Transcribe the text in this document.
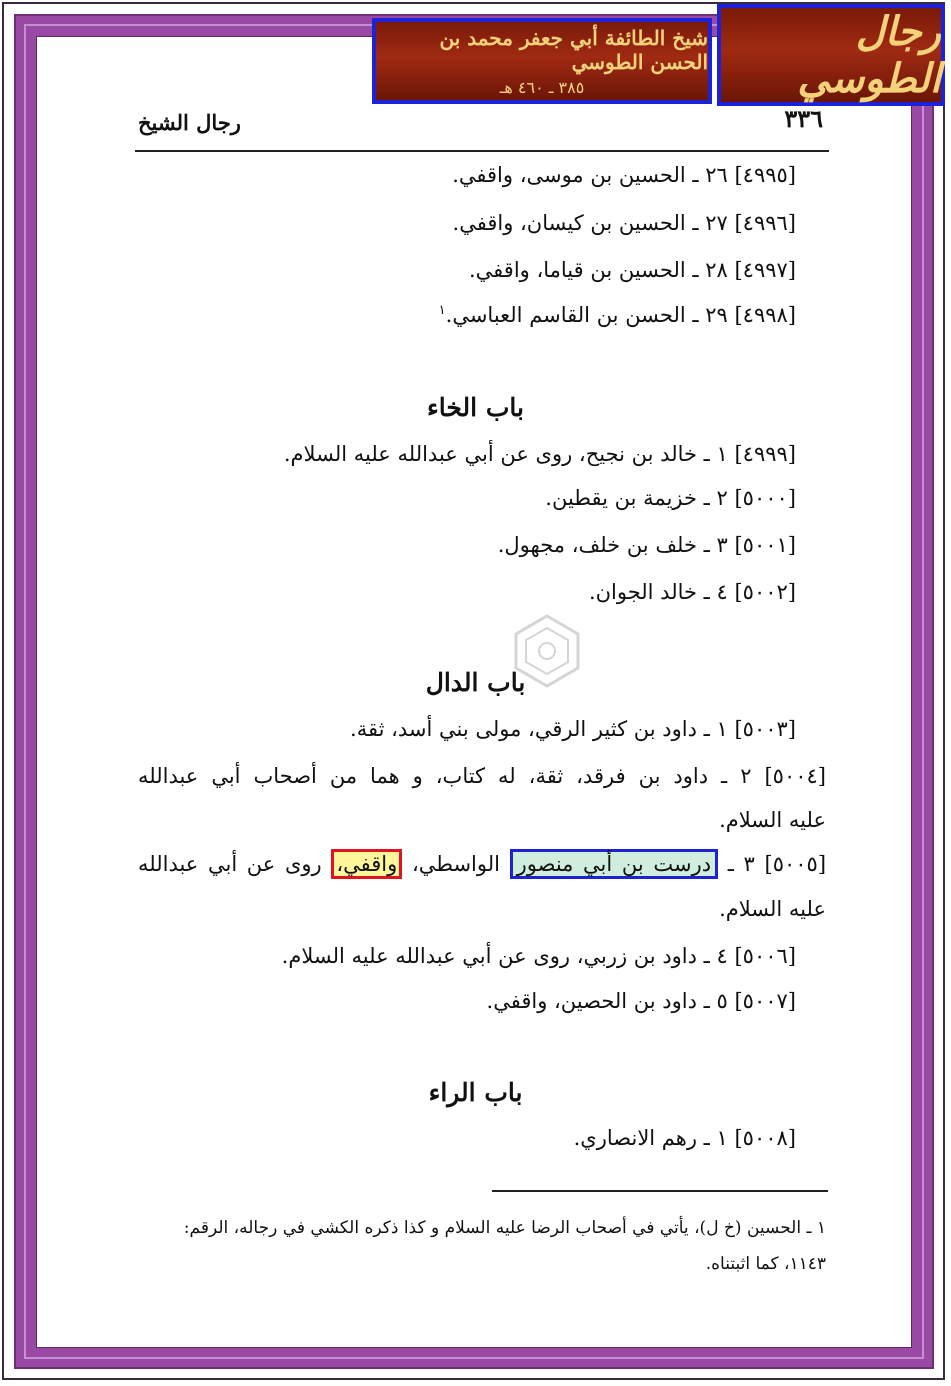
شيخ الطائفة أبي جعفر محمد بن الحسن الطوسي
٣٨٥ ـ ٤٦٠ هـ
رجال الطوسي
٣٣٦
رجال الشيخ
[٤٩٩٥] ٢٦ ـ الحسين بن موسى، واقفي.
[٤٩٩٦] ٢٧ ـ الحسين بن كيسان، واقفي.
[٤٩٩٧] ٢٨ ـ الحسين بن قياما، واقفي.
[٤٩٩٨] ٢٩ ـ الحسن بن القاسم العباسي.$^١$
باب الخاء
[٤٩٩٩] ١ ـ خالد بن نجيح، روى عن أبي عبدالله عليه السلام.
[٥٠٠٠] ٢ ـ خزيمة بن يقطين.
[٥٠٠١] ٣ ـ خلف بن خلف، مجهول.
[٥٠٠٢] ٤ ـ خالد الجوان.
باب الدال
[٥٠٠٣] ١ ـ داود بن كثير الرقي، مولى بني أسد، ثقة.
[٥٠٠٤] ٢ ـ داود بن فرقد، ثقة، له كتاب، و هما من أصحاب أبي عبدالله
عليه السلام.
[٥٠٠٥] ٣ ـ درست بن أبي منصور الواسطي، واقفي، روى عن أبي عبدالله
عليه السلام.
[٥٠٠٦] ٤ ـ داود بن زربي، روى عن أبي عبدالله عليه السلام.
[٥٠٠٧] ٥ ـ داود بن الحصين، واقفي.
باب الراء
[٥٠٠٨] ١ ـ رهم الانصاري.
١ ـ الحسين (خ ل)، يأتي في أصحاب الرضا عليه السلام و كذا ذكره الكشي في رجاله، الرقم:
١١٤٣، كما اثبتناه.
